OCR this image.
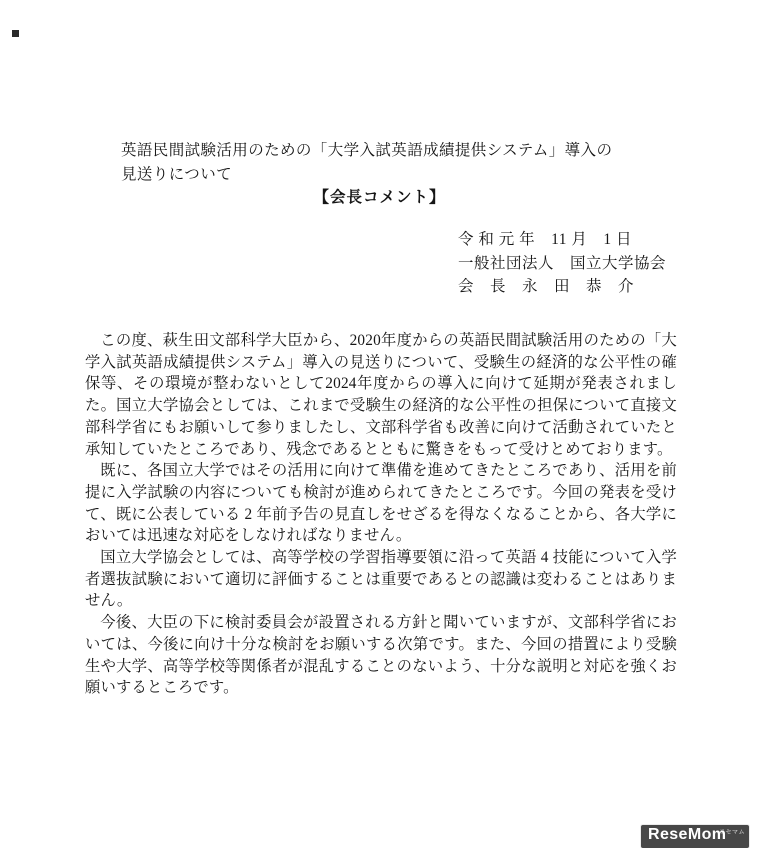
英語民間試験活用のための「大学入試英語成績提供システム」導入の
見送りについて
【会長コメント】
令 和 元 年　11 月　1 日
一般社団法人　国立大学協会
会　長　永　田　恭　介

この度、萩生田文部科学大臣から、2020年度からの英語民間試験活用のための「大学入試英語成績提供システム」導入の見送りについて、受験生の経済的な公平性の確保等、その環境が整わないとして2024年度からの導入に向けて延期が発表されました。国立大学協会としては、これまで受験生の経済的な公平性の担保について直接文部科学省にもお願いして参りましたし、文部科学省も改善に向けて活動されていたと承知していたところであり、残念であるとともに驚きをもって受けとめております。

既に、各国立大学ではその活用に向けて準備を進めてきたところであり、活用を前提に入学試験の内容についても検討が進められてきたところです。今回の発表を受けて、既に公表している 2 年前予告の見直しをせざるを得なくなることから、各大学においては迅速な対応をしなければなりません。

国立大学協会としては、高等学校の学習指導要領に沿って英語 4 技能について入学者選抜試験において適切に評価することは重要であるとの認識は変わることはありません。

今後、大臣の下に検討委員会が設置される方針と聞いていますが、文部科学省においては、今後に向け十分な検討をお願いする次第です。また、今回の措置により受験生や大学、高等学校等関係者が混乱することのないよう、十分な説明と対応を強くお願いするところです。

ReseMom
リセマム
